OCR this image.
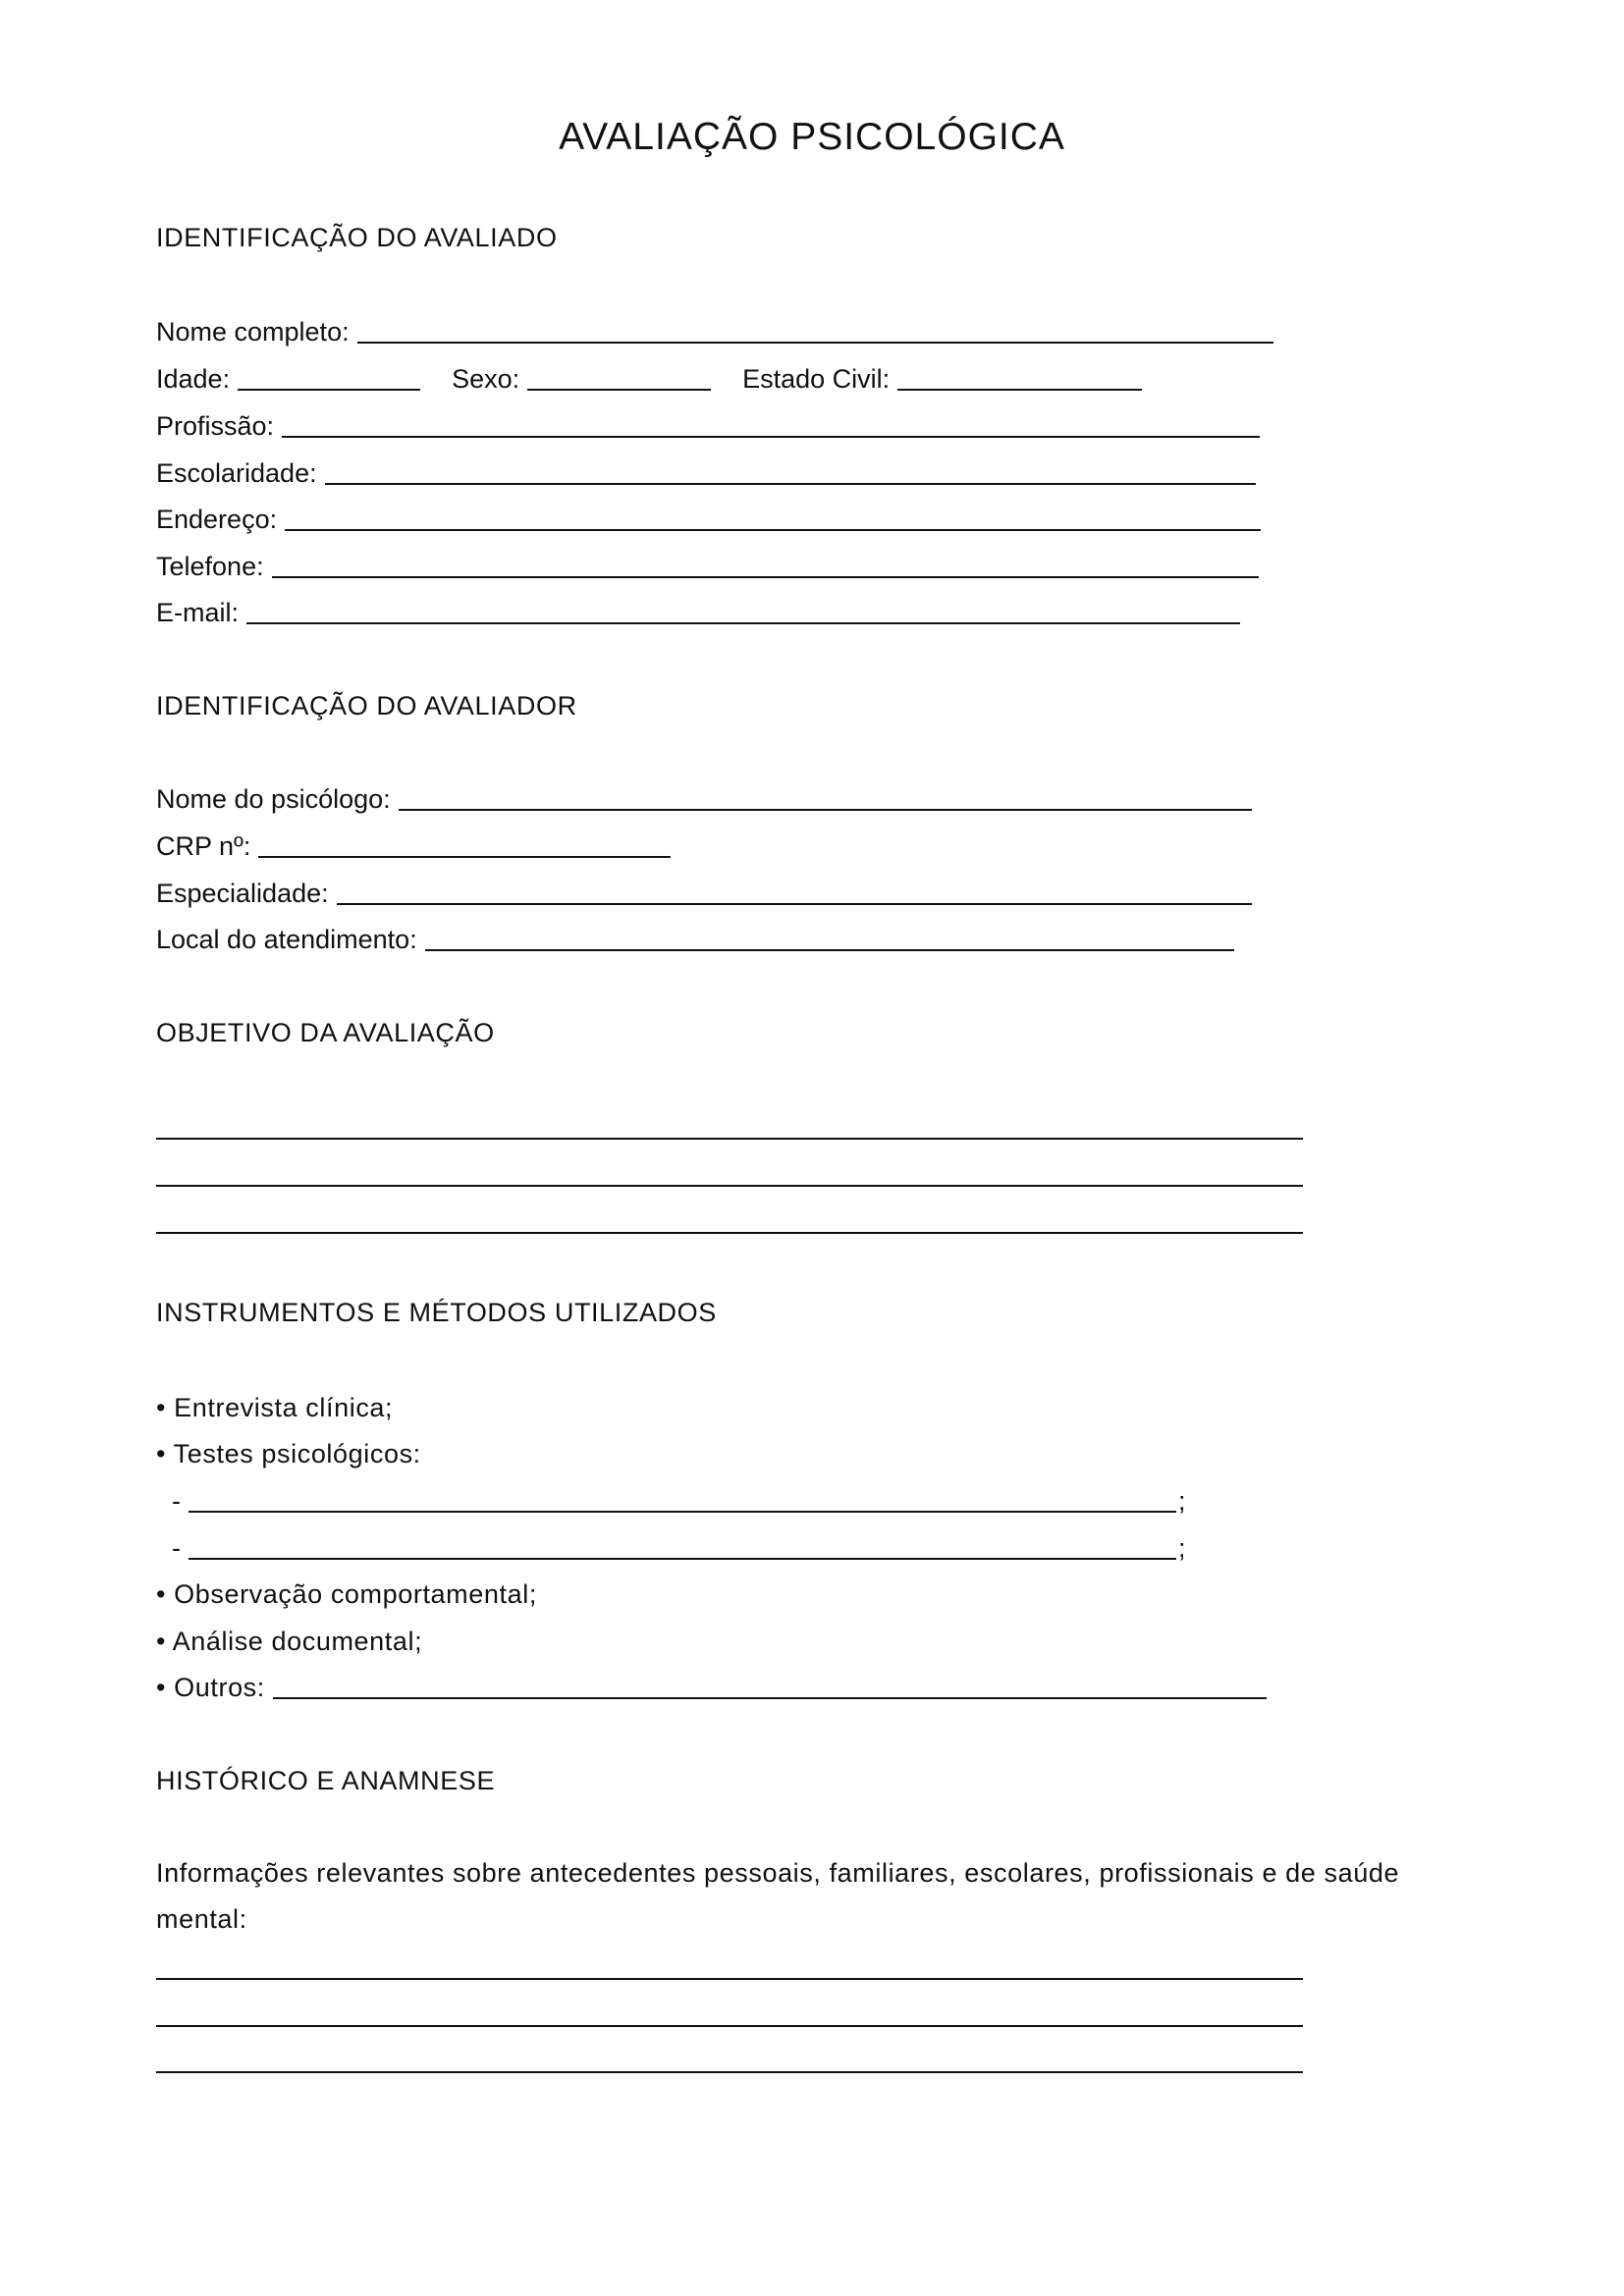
AVALIAÇÃO PSICOLÓGICA
IDENTIFICAÇÃO DO AVALIADO
Nome completo:
Idade:	Sexo:	Estado Civil:
Profissão:
Escolaridade:
Endereço:
Telefone:
E-mail:
IDENTIFICAÇÃO DO AVALIADOR
Nome do psicólogo:
CRP nº:
Especialidade:
Local do atendimento:
OBJETIVO DA AVALIAÇÃO
INSTRUMENTOS E MÉTODOS UTILIZADOS
• Entrevista clínica;
• Testes psicológicos:
-	;
-	;
• Observação comportamental;
• Análise documental;
• Outros:
HISTÓRICO E ANAMNESE
Informações relevantes sobre antecedentes pessoais, familiares, escolares, profissionais e de saúde mental:
